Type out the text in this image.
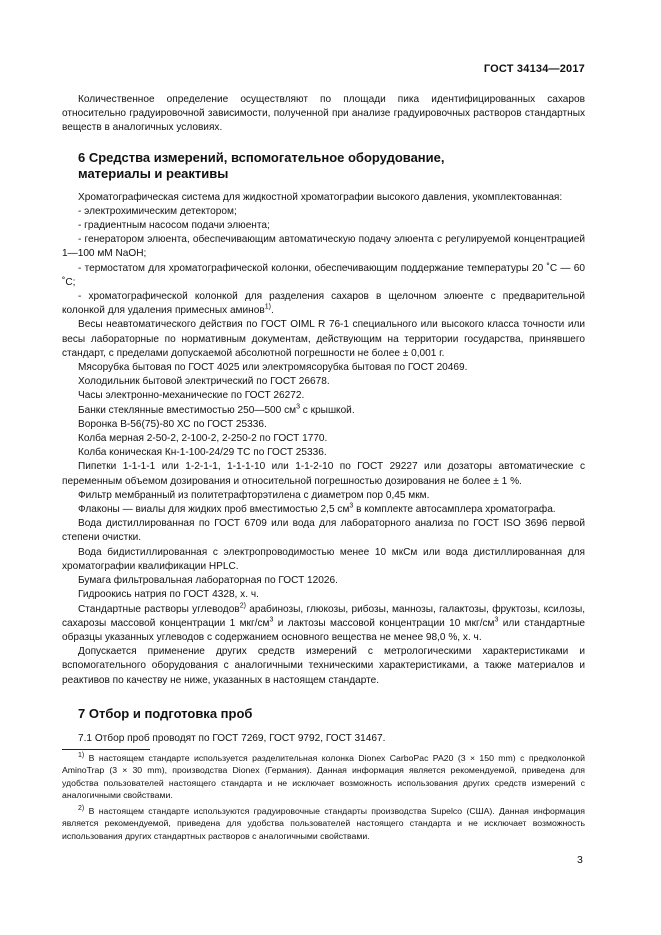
ГОСТ 34134—2017

Количественное определение осуществляют по площади пика идентифицированных сахаров относительно градуировочной зависимости, полученной при анализе градуировочных растворов стандартных веществ в аналогичных условиях.

6 Средства измерений, вспомогательное оборудование,
материалы и реактивы

Хроматографическая система для жидкостной хроматографии высокого давления, укомплектованная:

- электрохимическим детектором;

- градиентным насосом подачи элюента;

- генератором элюента, обеспечивающим автоматическую подачу элюента с регулируемой концентрацией 1—100 мМ NaOH;

- термостатом для хроматографической колонки, обеспечивающим поддержание температуры 20 ˚C — 60 ˚C;

- хроматографической колонкой для разделения сахаров в щелочном элюенте с предварительной колонкой для удаления примесных аминов$^{1)}$.

Весы неавтоматического действия по ГОСТ OIML R 76-1 специального или высокого класса точности или весы лабораторные по нормативным документам, действующим на территории государства, принявшего стандарт, с пределами допускаемой абсолютной погрешности не более ± 0,001 г.

Мясорубка бытовая по ГОСТ 4025 или электромясорубка бытовая по ГОСТ 20469.

Холодильник бытовой электрический по ГОСТ 26678.

Часы электронно-механические по ГОСТ 26272.

Банки стеклянные вместимостью 250—500 $см^3$ с крышкой.

Воронка В-56(75)-80 ХС по ГОСТ 25336.

Колба мерная 2-50-2, 2-100-2, 2-250-2 по ГОСТ 1770.

Колба коническая Кн-1-100-24/29 ТС по ГОСТ 25336.

Пипетки 1-1-1-1 или 1-2-1-1, 1-1-1-10 или 1-1-2-10 по ГОСТ 29227 или дозаторы автоматические с переменным объемом дозирования и относительной погрешностью дозирования не более ± 1 %.

Фильтр мембранный из политетрафторэтилена с диаметром пор 0,45 мкм.

Флаконы — виалы для жидких проб вместимостью 2,5 $см^3$ в комплекте автосамплера хроматографа.

Вода дистиллированная по ГОСТ 6709 или вода для лабораторного анализа по ГОСТ ISO 3696 первой степени очистки.

Вода бидистиллированная с электропроводимостью менее 10 мкСм или вода дистиллированная для хроматографии квалификации HPLC.

Бумага фильтровальная лабораторная по ГОСТ 12026.

Гидроокись натрия по ГОСТ 4328, х. ч.

Стандартные растворы углеводов$^{2)}$ арабинозы, глюкозы, рибозы, маннозы, галактозы, фруктозы, ксилозы, сахарозы массовой концентрации 1 мкг/$см^3$ и лактозы массовой концентрации 10 мкг/$см^3$ или стандартные образцы указанных углеводов с содержанием основного вещества не менее 98,0 %, х. ч.

Допускается применение других средств измерений с метрологическими характеристиками и вспомогательного оборудования с аналогичными техническими характеристиками, а также материалов и реактивов по качеству не ниже, указанных в настоящем стандарте.

7 Отбор и подготовка проб

7.1 Отбор проб проводят по ГОСТ 7269, ГОСТ 9792, ГОСТ 31467.

$^{1)}$ В настоящем стандарте используется разделительная колонка Dionex CarboPac PA20 (3 × 150 mm) с предколонкой AminoTrap (3 × 30 mm), производства Dionex (Германия). Данная информация является рекомендуемой, приведена для удобства пользователей настоящего стандарта и не исключает возможность использования других средств измерений с аналогичными свойствами.

$^{2)}$ В настоящем стандарте используются градуировочные стандарты производства Supelco (США). Данная информация является рекомендуемой, приведена для удобства пользователей настоящего стандарта и не исключает возможность использования других стандартных растворов с аналогичными свойствами.

3
